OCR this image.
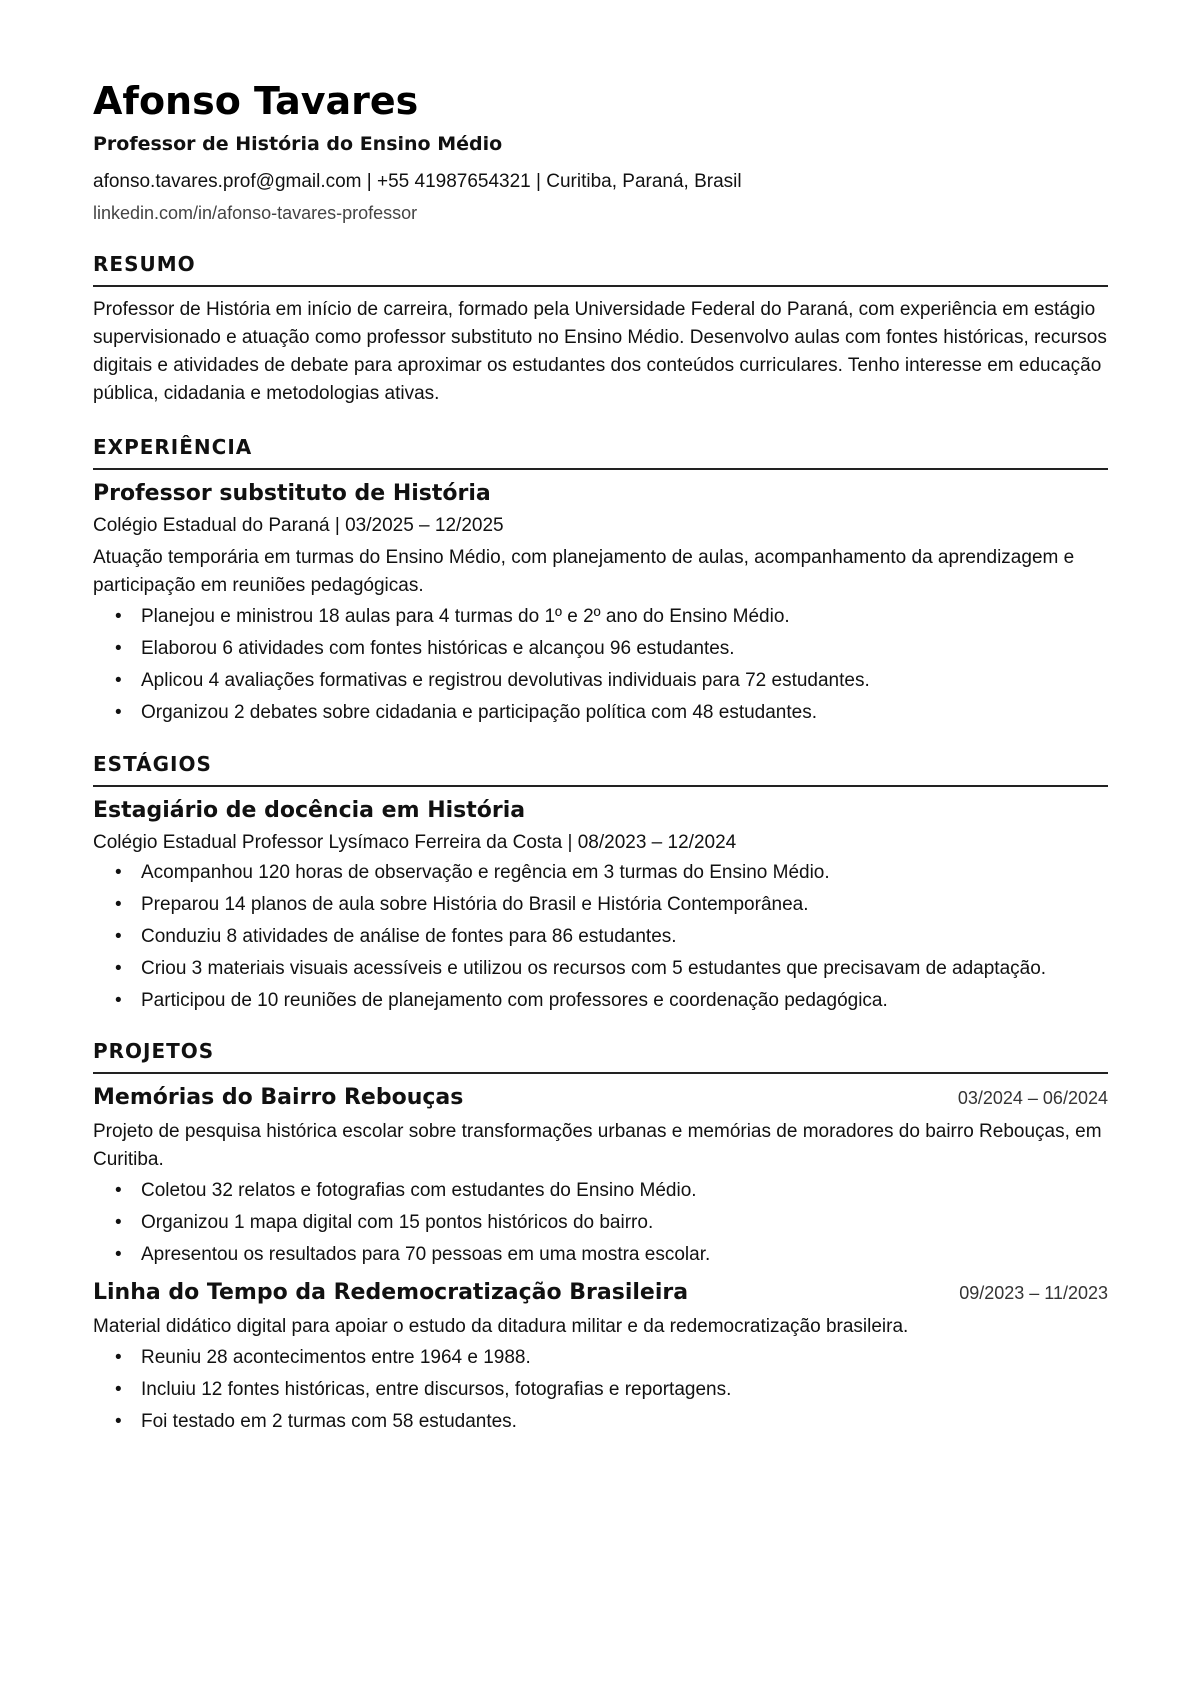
Afonso Tavares
Professor de História do Ensino Médio
afonso.tavares.prof@gmail.com | +55 41987654321 | Curitiba, Paraná, Brasil
linkedin.com/in/afonso-tavares-professor
RESUMO

Professor de História em início de carreira, formado pela Universidade Federal do Paraná, com experiência em estágio supervisionado e atuação como professor substituto no Ensino Médio. Desenvolvo aulas com fontes históricas, recursos digitais e atividades de debate para aproximar os estudantes dos conteúdos curriculares. Tenho interesse em educação pública, cidadania e metodologias ativas.

EXPERIÊNCIA
Professor substituto de História
Colégio Estadual do Paraná | 03/2025 – 12/2025
Atuação temporária em turmas do Ensino Médio, com planejamento de aulas, acompanhamento da aprendizagem e participação em reuniões pedagógicas.
• Planejou e ministrou 18 aulas para 4 turmas do 1º e 2º ano do Ensino Médio.
• Elaborou 6 atividades com fontes históricas e alcançou 96 estudantes.
• Aplicou 4 avaliações formativas e registrou devolutivas individuais para 72 estudantes.
• Organizou 2 debates sobre cidadania e participação política com 48 estudantes.
ESTÁGIOS
Estagiário de docência em História
Colégio Estadual Professor Lysímaco Ferreira da Costa | 08/2023 – 12/2024
• Acompanhou 120 horas de observação e regência em 3 turmas do Ensino Médio.
• Preparou 14 planos de aula sobre História do Brasil e História Contemporânea.
• Conduziu 8 atividades de análise de fontes para 86 estudantes.
• Criou 3 materiais visuais acessíveis e utilizou os recursos com 5 estudantes que precisavam de adaptação.
• Participou de 10 reuniões de planejamento com professores e coordenação pedagógica.
PROJETOS
Memórias do Bairro Rebouças	03/2024 – 06/2024
Projeto de pesquisa histórica escolar sobre transformações urbanas e memórias de moradores do bairro Rebouças, em Curitiba.
• Coletou 32 relatos e fotografias com estudantes do Ensino Médio.
• Organizou 1 mapa digital com 15 pontos históricos do bairro.
• Apresentou os resultados para 70 pessoas em uma mostra escolar.
Linha do Tempo da Redemocratização Brasileira	09/2023 – 11/2023
Material didático digital para apoiar o estudo da ditadura militar e da redemocratização brasileira.
• Reuniu 28 acontecimentos entre 1964 e 1988.
• Incluiu 12 fontes históricas, entre discursos, fotografias e reportagens.
• Foi testado em 2 turmas com 58 estudantes.
